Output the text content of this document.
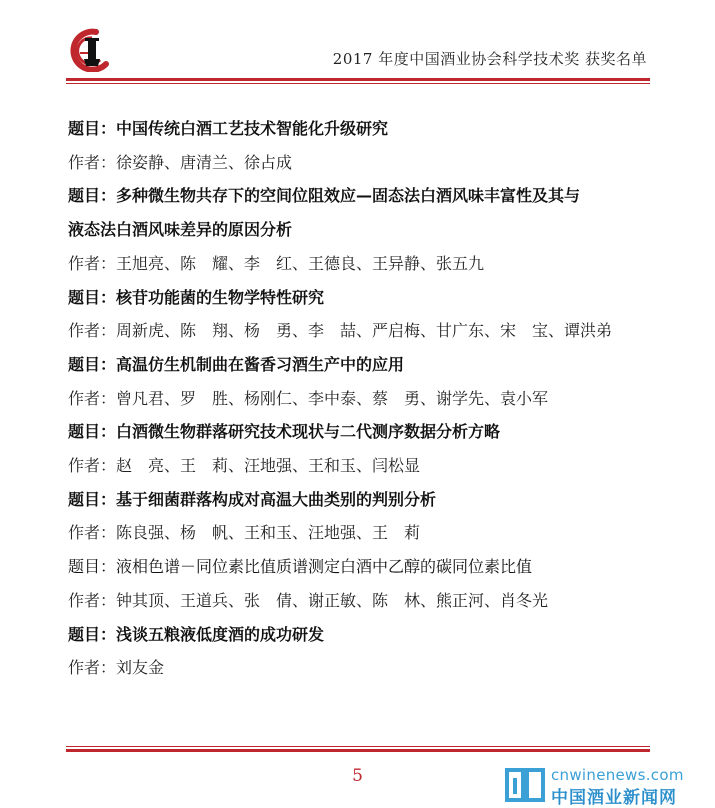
2017 年度中国酒业协会科学技术奖 获奖名单
题目：中国传统白酒工艺技术智能化升级研究
作者：徐姿静、唐清兰、徐占成
题目：多种微生物共存下的空间位阻效应—固态法白酒风味丰富性及其与
液态法白酒风味差异的原因分析
作者：王旭亮、陈　耀、李　红、王德良、王异静、张五九
题目：核苷功能菌的生物学特性研究
作者：周新虎、陈　翔、杨　勇、李　喆、严启梅、甘广东、宋　宝、谭洪弟
题目：高温仿生机制曲在酱香习酒生产中的应用
作者：曾凡君、罗　胜、杨刚仁、李中泰、蔡　勇、谢学先、袁小军
题目：白酒微生物群落研究技术现状与二代测序数据分析方略
作者：赵　亮、王　莉、汪地强、王和玉、闫松显
题目：基于细菌群落构成对高温大曲类别的判别分析
作者：陈良强、杨　帆、王和玉、汪地强、王　莉
题目：液相色谱－同位素比值质谱测定白酒中乙醇的碳同位素比值
作者：钟其顶、王道兵、张　倩、谢正敏、陈　林、熊正河、肖冬光
题目：浅谈五粮液低度酒的成功研发
作者：刘友金
5	cnwinenews.com
中国酒业新闻网
